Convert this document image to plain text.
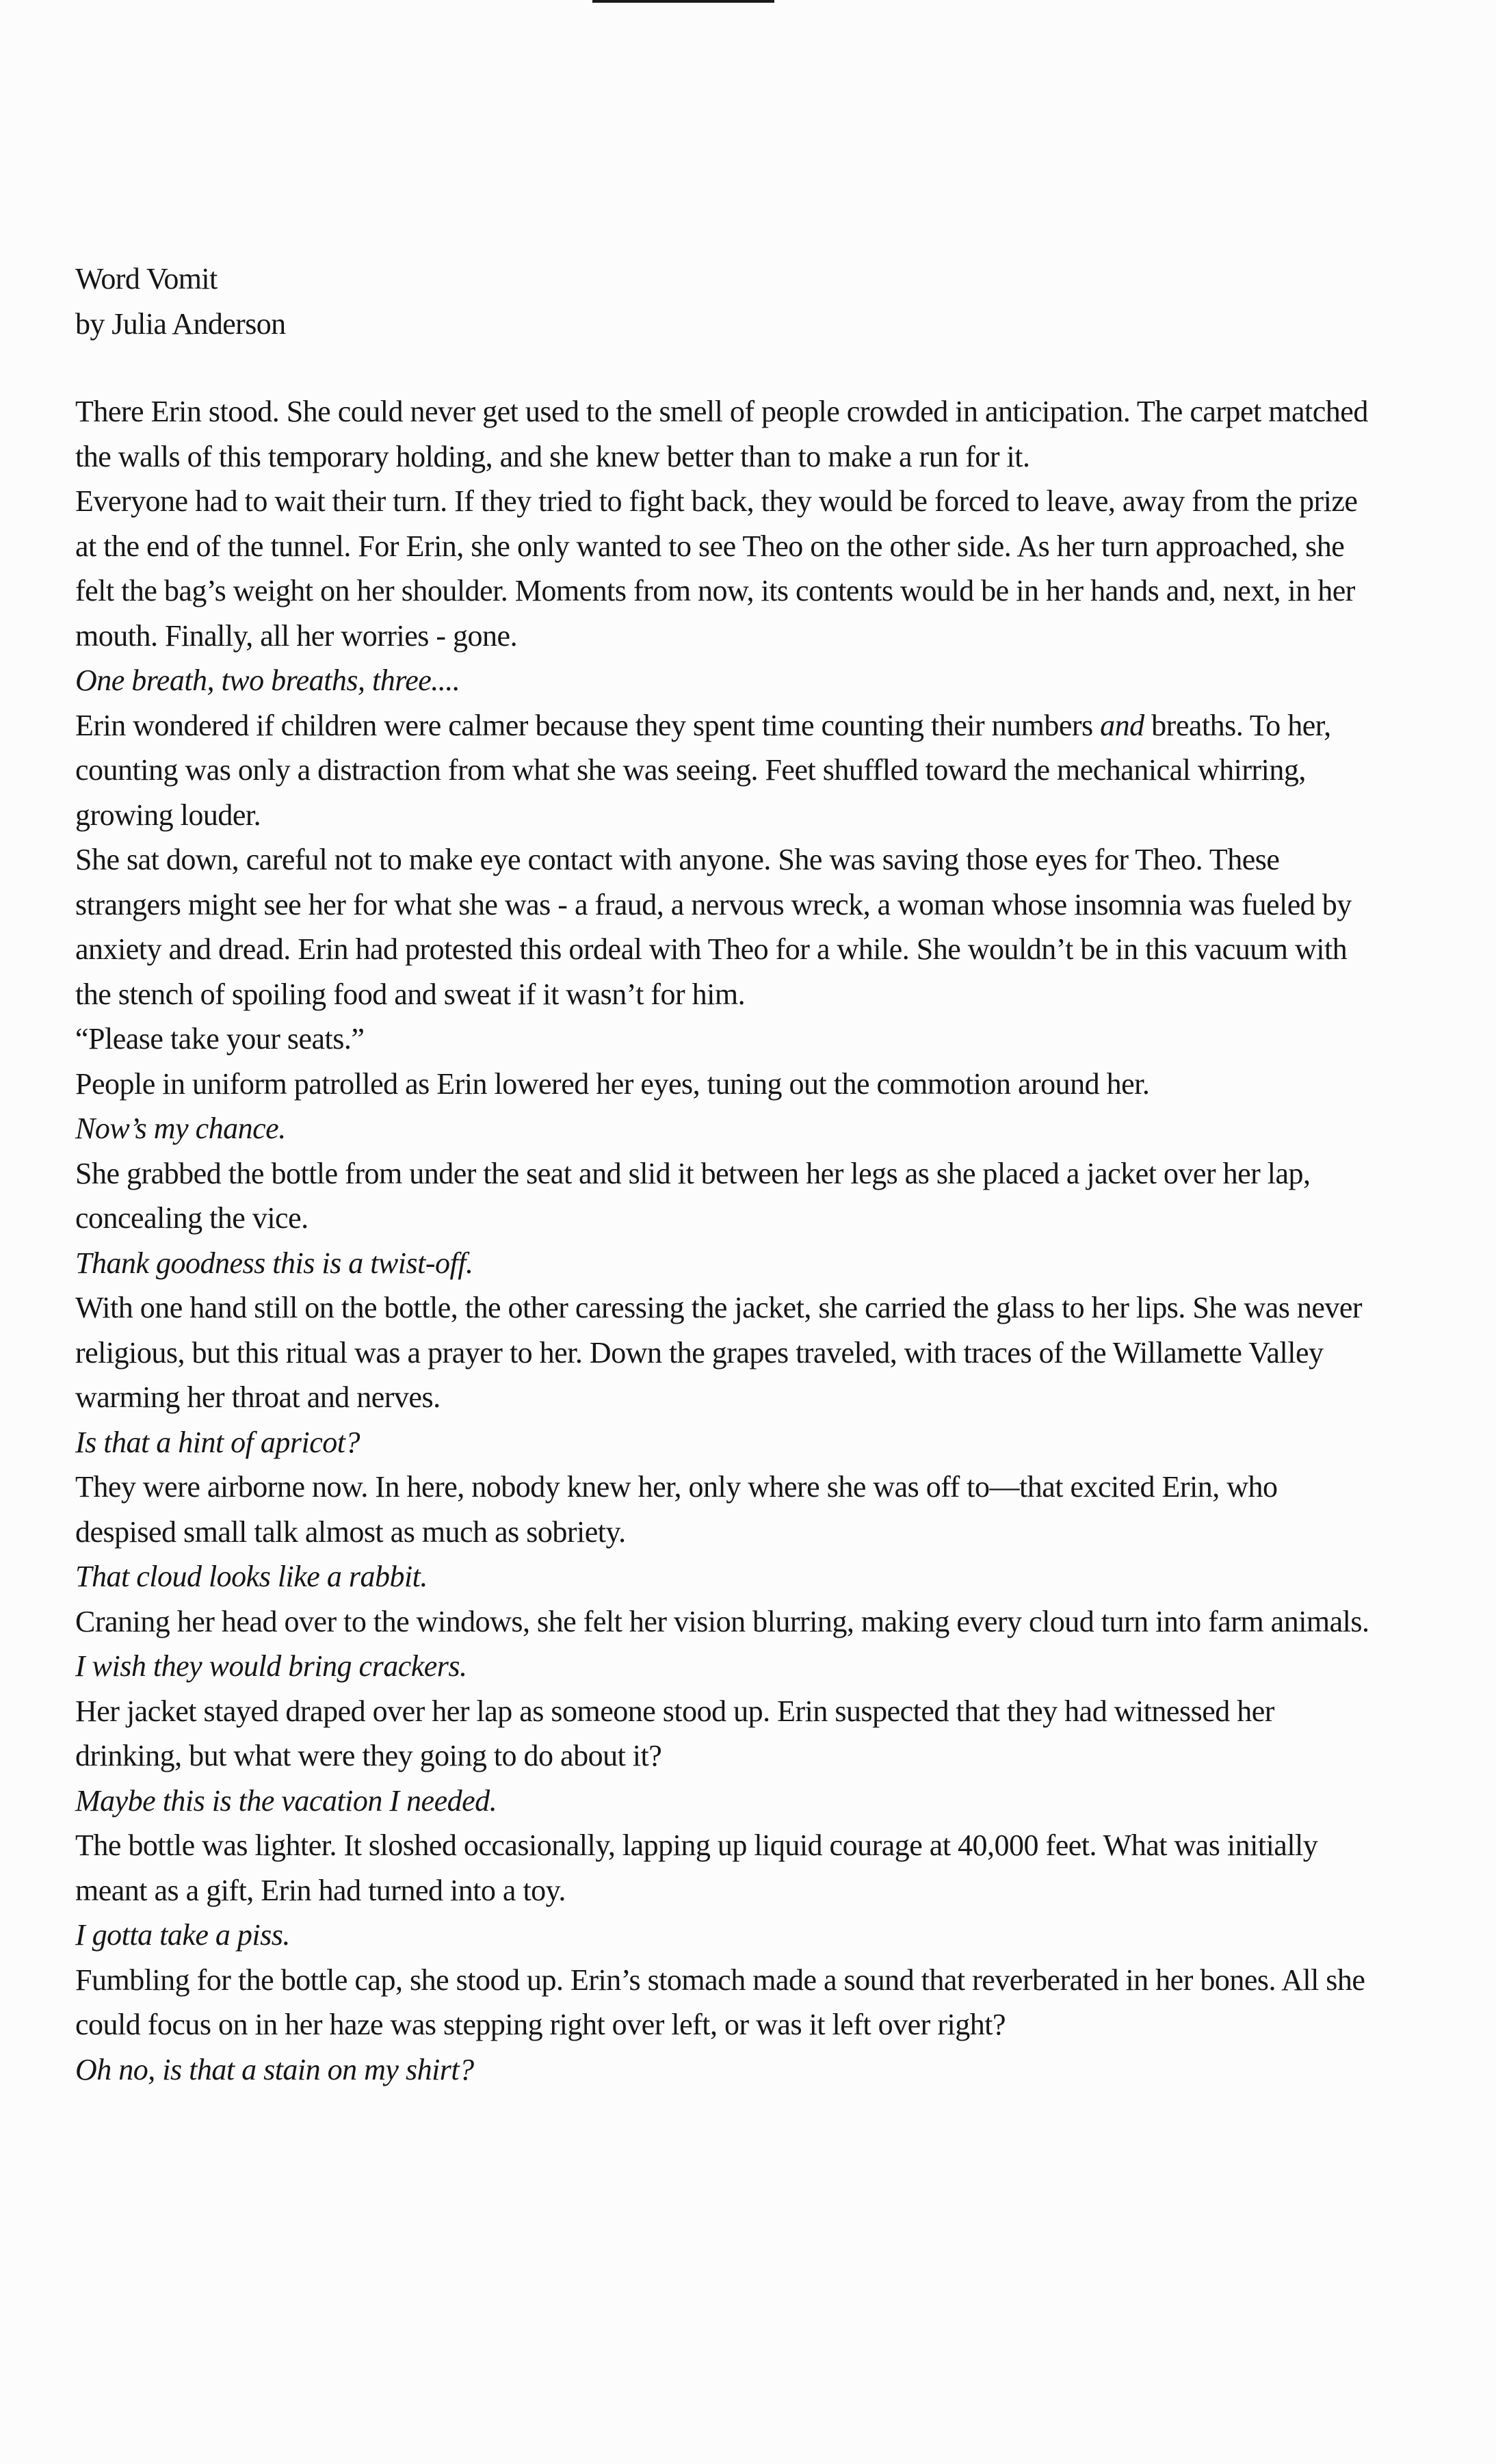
Word Vomit
by Julia Anderson

There Erin stood. She could never get used to the smell of people crowded in anticipation. The carpet matched the walls of this temporary holding, and she knew better than to make a run for it.

Everyone had to wait their turn. If they tried to fight back, they would be forced to leave, away from the prize at the end of the tunnel. For Erin, she only wanted to see Theo on the other side. As her turn approached, she felt the bag’s weight on her shoulder. Moments from now, its contents would be in her hands and, next, in her mouth. Finally, all her worries - gone.

One breath, two breaths, three....

Erin wondered if children were calmer because they spent time counting their numbers and breaths. To her, counting was only a distraction from what she was seeing. Feet shuffled toward the mechanical whirring, growing louder.

She sat down, careful not to make eye contact with anyone. She was saving those eyes for Theo. These strangers might see her for what she was - a fraud, a nervous wreck, a woman whose insomnia was fueled by anxiety and dread. Erin had protested this ordeal with Theo for a while. She wouldn’t be in this vacuum with the stench of spoiling food and sweat if it wasn’t for him.

“Please take your seats.”

People in uniform patrolled as Erin lowered her eyes, tuning out the commotion around her.

Now’s my chance.

She grabbed the bottle from under the seat and slid it between her legs as she placed a jacket over her lap, concealing the vice.

Thank goodness this is a twist-off.

With one hand still on the bottle, the other caressing the jacket, she carried the glass to her lips. She was never religious, but this ritual was a prayer to her. Down the grapes traveled, with traces of the Willamette Valley warming her throat and nerves.

Is that a hint of apricot?

They were airborne now. In here, nobody knew her, only where she was off to—that excited Erin, who despised small talk almost as much as sobriety.

That cloud looks like a rabbit.

Craning her head over to the windows, she felt her vision blurring, making every cloud turn into farm animals.

I wish they would bring crackers.

Her jacket stayed draped over her lap as someone stood up. Erin suspected that they had witnessed her drinking, but what were they going to do about it?

Maybe this is the vacation I needed.

The bottle was lighter. It sloshed occasionally, lapping up liquid courage at 40,000 feet. What was initially meant as a gift, Erin had turned into a toy.

I gotta take a piss.

Fumbling for the bottle cap, she stood up. Erin’s stomach made a sound that reverberated in her bones. All she could focus on in her haze was stepping right over left, or was it left over right?

Oh no, is that a stain on my shirt?
